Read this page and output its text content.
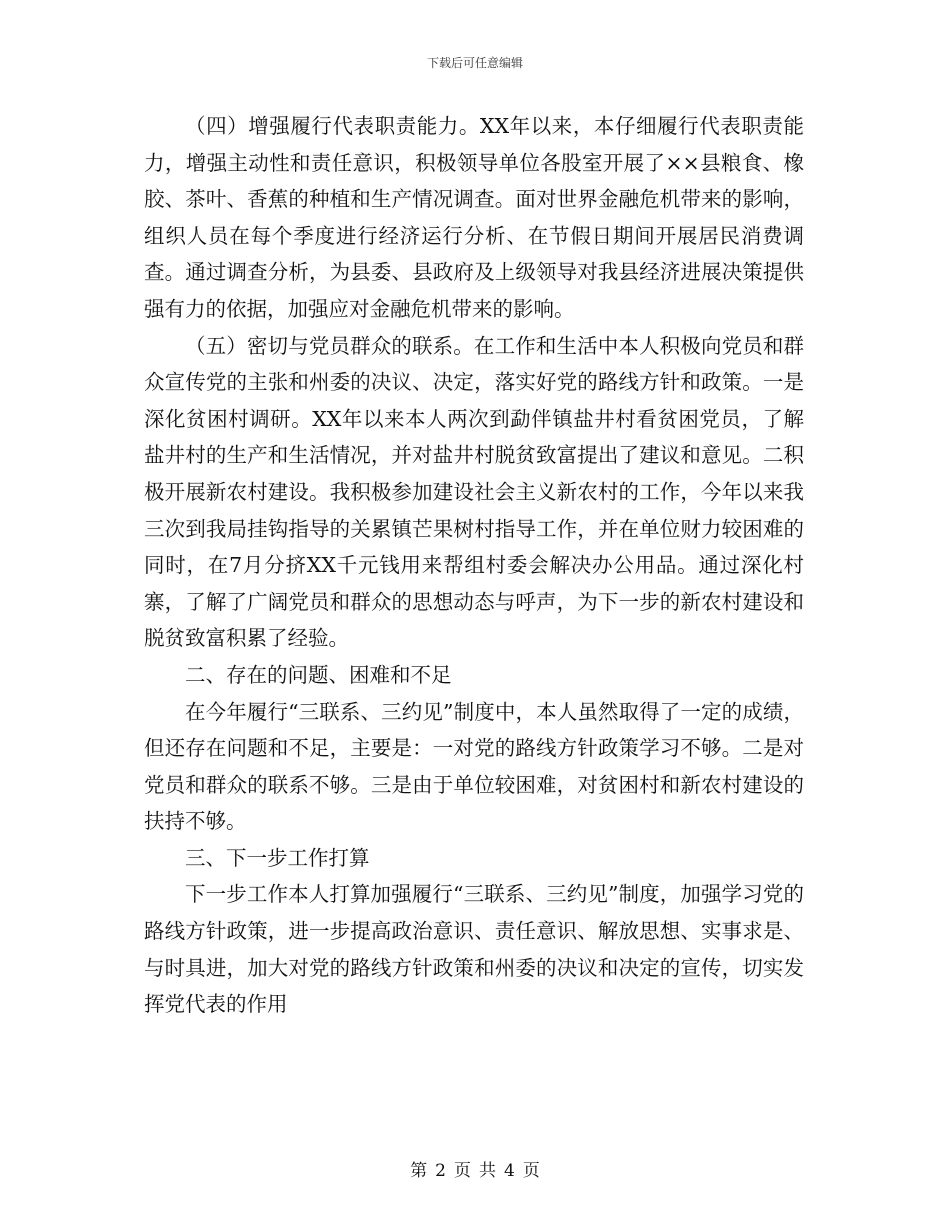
下载后可任意编辑

（四）增强履行代表职责能力。XX年以来，本仔细履行代表职责能力，增强主动性和责任意识，积极领导单位各股室开展了××县粮食、橡胶、茶叶、香蕉的种植和生产情况调查。面对世界金融危机带来的影响，组织人员在每个季度进行经济运行分析、在节假日期间开展居民消费调查。通过调查分析，为县委、县政府及上级领导对我县经济进展决策提供强有力的依据，加强应对金融危机带来的影响。

（五）密切与党员群众的联系。在工作和生活中本人积极向党员和群众宣传党的主张和州委的决议、决定，落实好党的路线方针和政策。一是深化贫困村调研。XX年以来本人两次到勐伴镇盐井村看贫困党员，了解盐井村的生产和生活情况，并对盐井村脱贫致富提出了建议和意见。二积极开展新农村建设。我积极参加建设社会主义新农村的工作，今年以来我三次到我局挂钩指导的关累镇芒果树村指导工作，并在单位财力较困难的同时，在7月分挤XX千元钱用来帮组村委会解决办公用品。通过深化村寨，了解了广阔党员和群众的思想动态与呼声，为下一步的新农村建设和脱贫致富积累了经验。

二、存在的问题、困难和不足

在今年履行“三联系、三约见”制度中，本人虽然取得了一定的成绩，但还存在问题和不足，主要是：一对党的路线方针政策学习不够。二是对党员和群众的联系不够。三是由于单位较困难，对贫困村和新农村建设的扶持不够。

三、下一步工作打算

下一步工作本人打算加强履行“三联系、三约见”制度，加强学习党的路线方针政策，进一步提高政治意识、责任意识、解放思想、实事求是、与时具进，加大对党的路线方针政策和州委的决议和决定的宣传，切实发挥党代表的作用

第 2 页 共 4 页
